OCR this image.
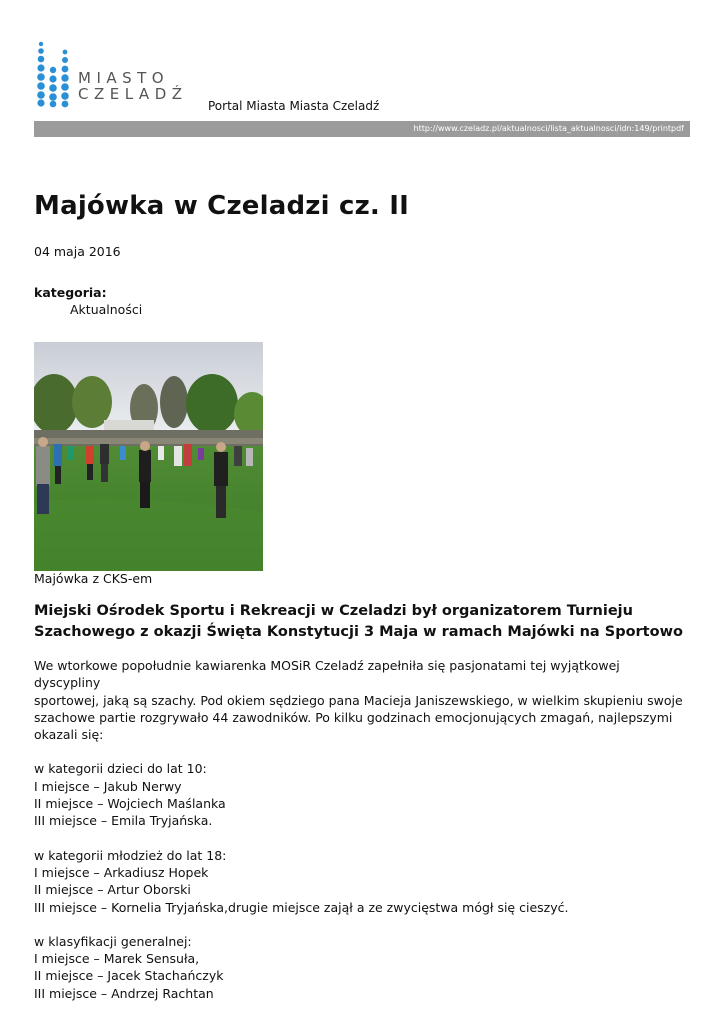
MIASTO
CZELADŹ
Portal Miasta Miasta Czeladź
http://www.czeladz.pl/aktualnosci/lista_aktualnosci/idn:149/printpdf
Majówka w Czeladzi cz. II
04 maja 2016
kategoria:
Aktualności
Majówka z CKS-em

Miejski Ośrodek Sportu i Rekreacji w Czeladzi był organizatorem Turnieju Szachowego z okazji Święta Konstytucji 3 Maja w ramach Majówki na Sportowo

We wtorkowe popołudnie kawiarenka MOSiR Czeladź zapełniła się pasjonatami tej wyjątkowej dyscypliny
sportowej, jaką są szachy. Pod okiem sędziego pana Macieja Janiszewskiego, w wielkim skupieniu swoje
szachowe partie rozgrywało 44 zawodników. Po kilku godzinach emocjonujących zmagań, najlepszymi
okazali się:

w kategorii dzieci do lat 10:
I miejsce – Jakub Nerwy
II miejsce – Wojciech Maślanka
III miejsce – Emila Tryjańska.

w kategorii młodzież do lat 18:
I miejsce – Arkadiusz Hopek
II miejsce – Artur Oborski
III miejsce – Kornelia Tryjańska,drugie miejsce zajął a ze zwycięstwa mógł się cieszyć.

w klasyfikacji generalnej:
I miejsce – Marek Sensuła,
II miejsce – Jacek Stachańczyk
III miejsce – Andrzej Rachtan
